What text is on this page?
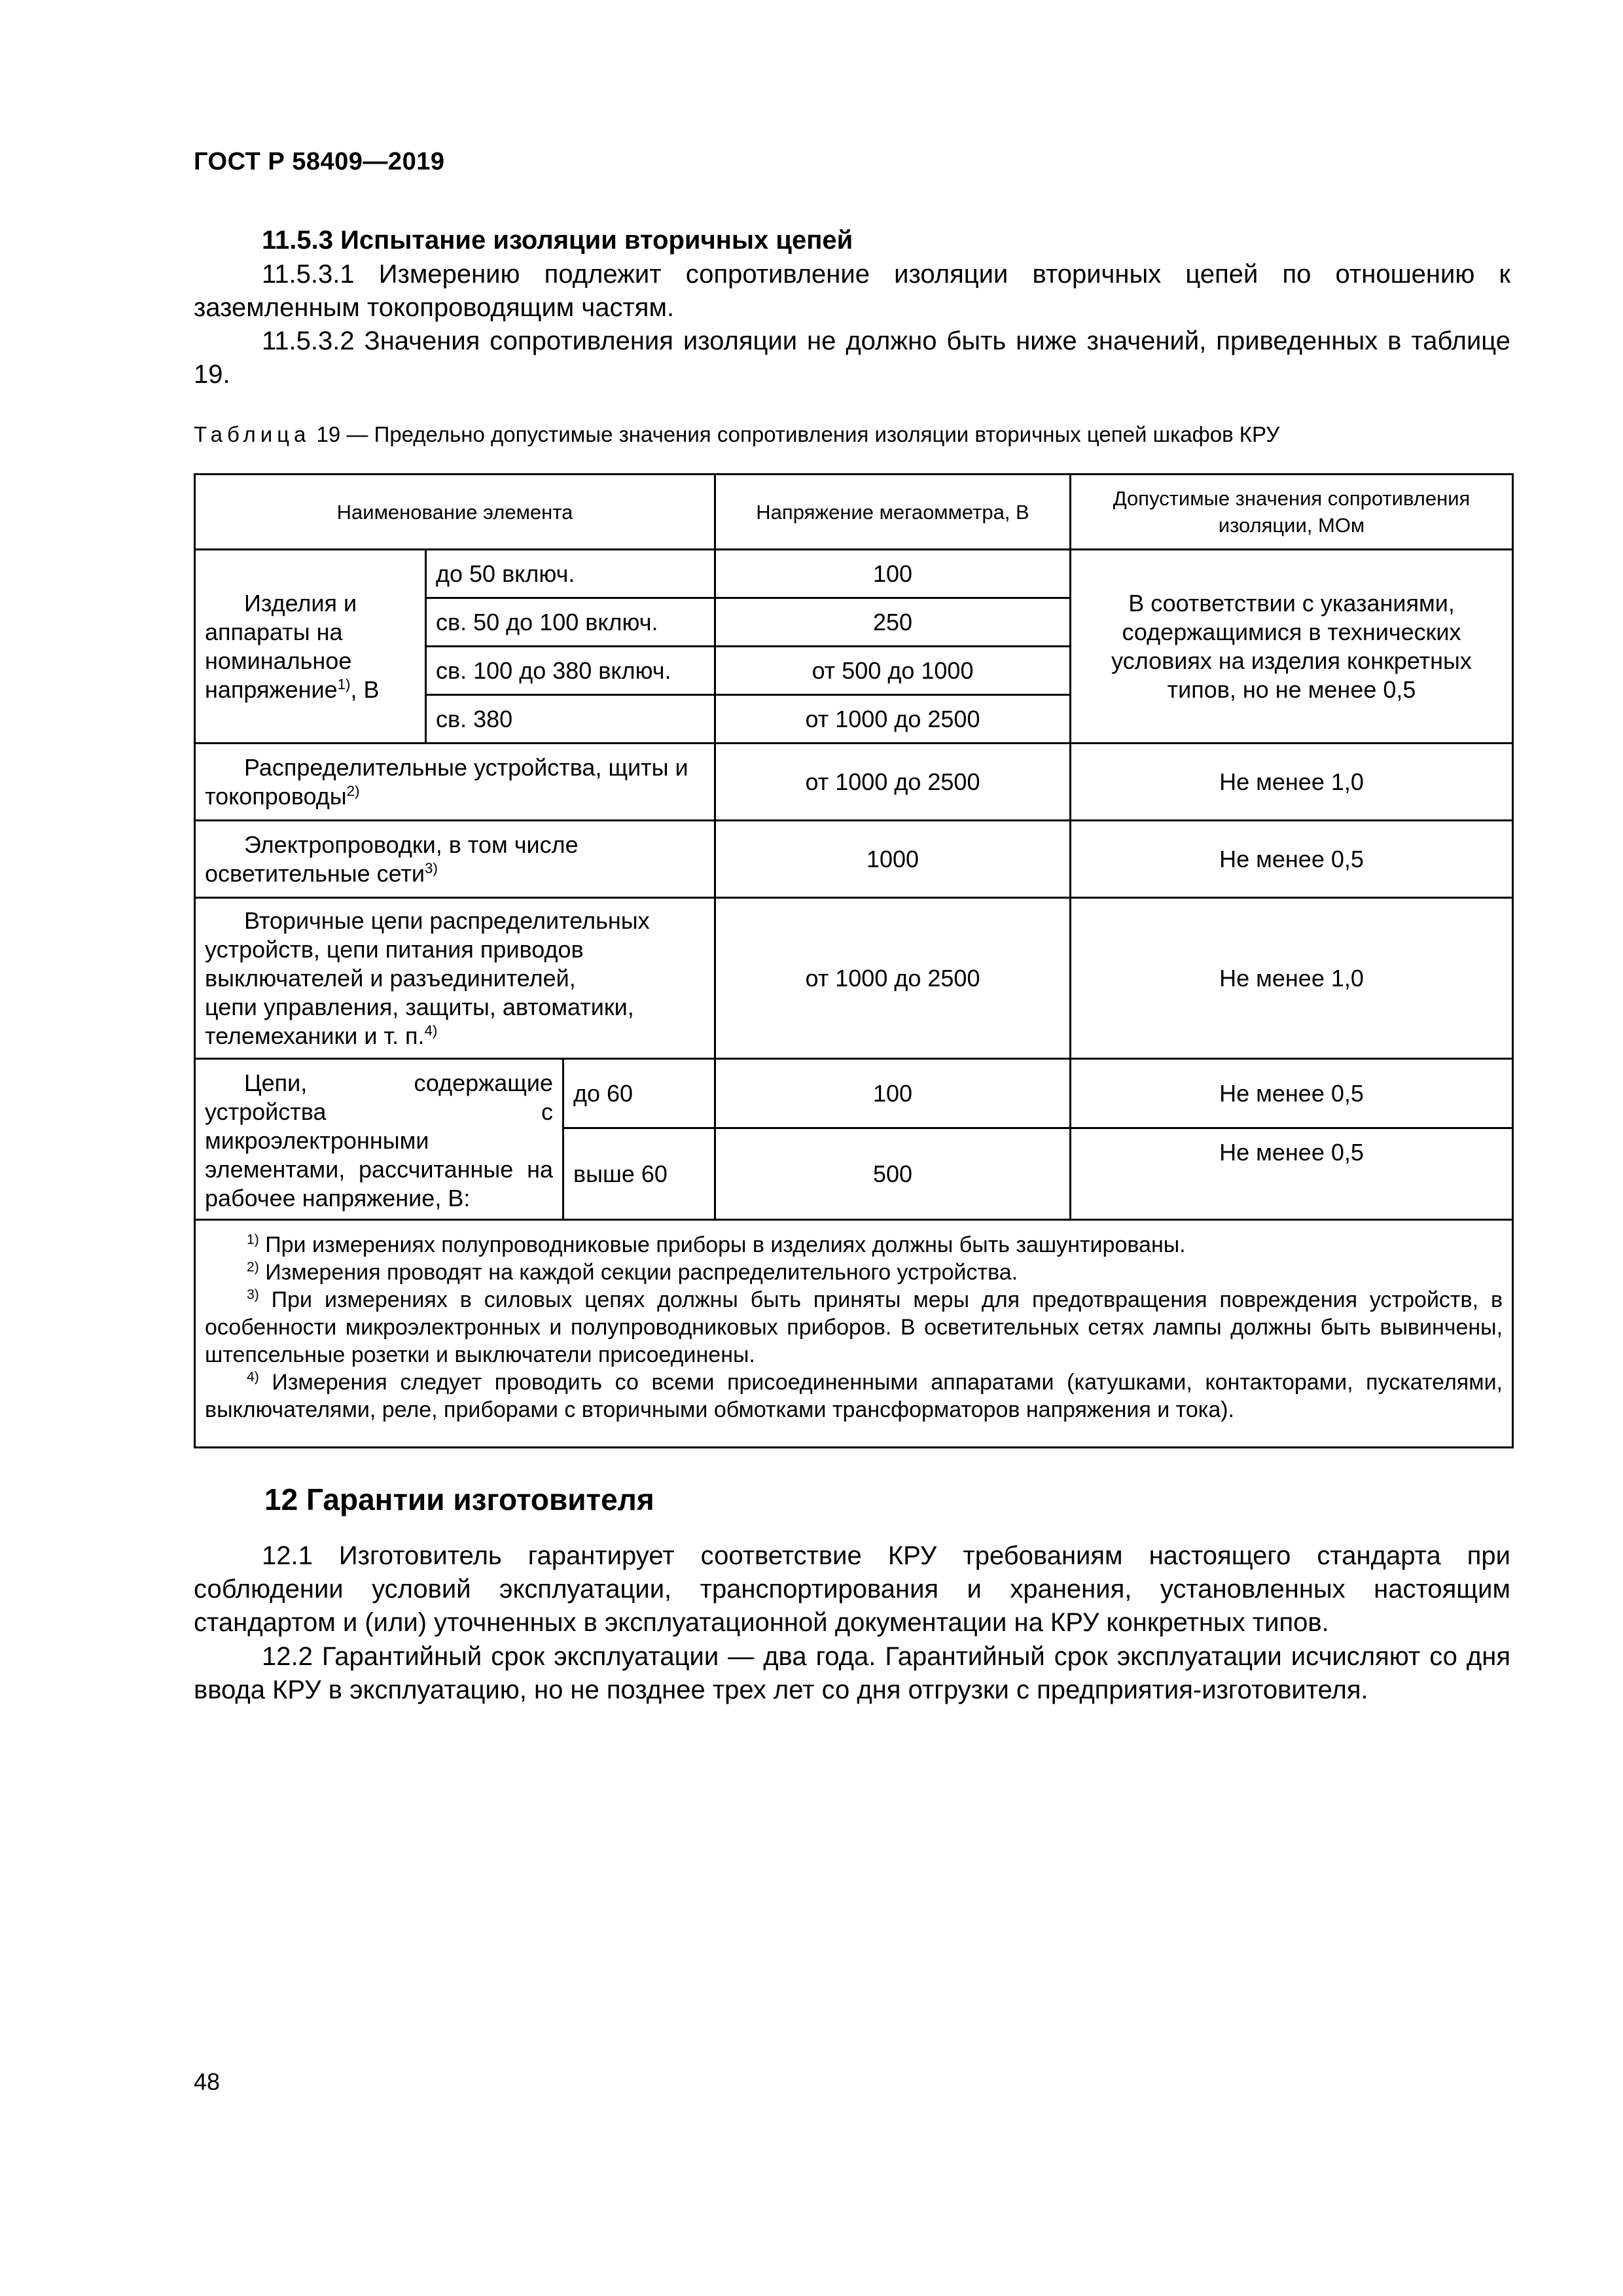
ГОСТ Р 58409—2019
11.5.3 Испытание изоляции вторичных цепей
11.5.3.1 Измерению подлежит сопротивление изоляции вторичных цепей по отношению к заземленным токопроводящим частям.
11.5.3.2 Значения сопротивления изоляции не должно быть ниже значений, приведенных в таблице 19.
Таблица 19 — Предельно допустимые значения сопротивления изоляции вторичных цепей шкафов КРУ
Наименование элемента			Напряжение мегаомметра, В	Допустимые значения сопротивления изоляции, МОм
Изделия и аппараты на номинальное напряжение$^{1)}$, В	до 50 включ.		100	В соответствии с указаниями, содержащимися в технических условиях на изделия конкретных типов, но не менее 0,5
	св. 50 до 100 включ.		250	
	св. 100 до 380 включ.		от 500 до 1000	
	св. 380		от 1000 до 2500	
Распределительные устройства, щиты и токопроводы$^{2)}$			от 1000 до 2500	Не менее 1,0
Электропроводки, в том числе осветительные сети$^{3)}$			1000	Не менее 0,5

Вторичные цепи распределительных
устройств, цепи питания приводов
выключателей и разъединителей,
цепи управления, защиты, автоматики,
телемеханики и т. п.$^{4)}$			от 1000 до 2500	Не менее 1,0
Цепи, содержащие устройства с микроэлектронными элементами, рассчитанные на рабочее напряжение, В:		до 60	100	Не менее 0,5
		выше 60	500	Не менее 0,5

$^{1)}$ При измерениях полупроводниковые приборы в изделиях должны быть зашунтированы.
$^{2)}$ Измерения проводят на каждой секции распределительного устройства.
$^{3)}$ При измерениях в силовых цепях должны быть приняты меры для предотвращения повреждения устройств, в особенности микроэлектронных и полупроводниковых приборов. В осветительных сетях лампы должны быть вывинчены, штепсельные розетки и выключатели присоединены.
$^{4)}$ Измерения следует проводить со всеми присоединенными аппаратами (катушками, контакторами, пускателями, выключателями, реле, приборами с вторичными обмотками трансформаторов напряжения и тока).				
12 Гарантии изготовителя
12.1 Изготовитель гарантирует соответствие КРУ требованиям настоящего стандарта при соблюдении условий эксплуатации, транспортирования и хранения, установленных настоящим стандартом и (или) уточненных в эксплуатационной документации на КРУ конкретных типов.
12.2 Гарантийный срок эксплуатации — два года. Гарантийный срок эксплуатации исчисляют со дня ввода КРУ в эксплуатацию, но не позднее трех лет со дня отгрузки с предприятия-изготовителя.
48
